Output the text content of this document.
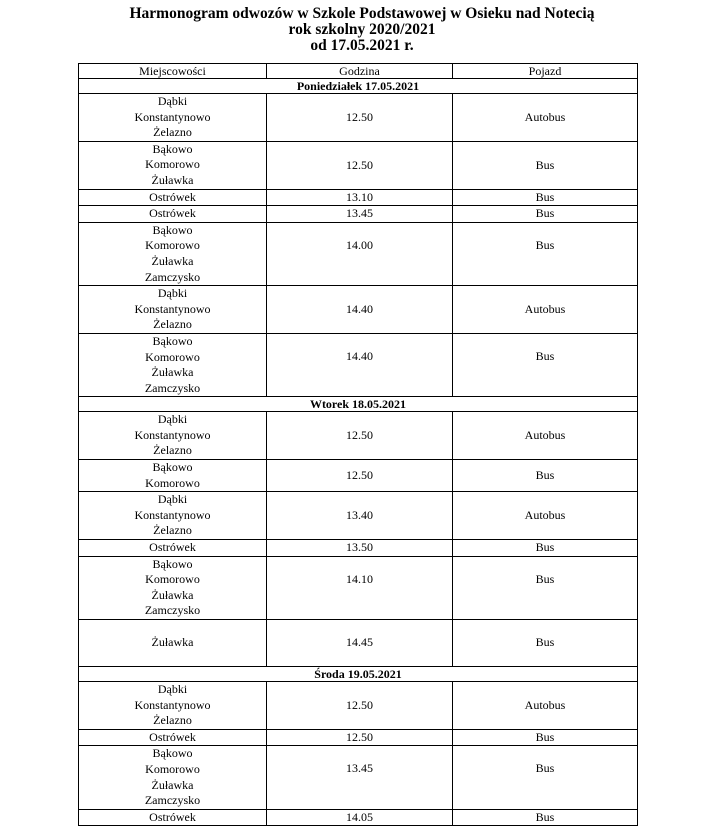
Harmonogram odwozów w Szkole Podstawowej w Osieku nad Notecią
rok szkolny 2020/2021
od 17.05.2021 r.
Miejscowości	Godzina	Pojazd
Poniedziałek 17.05.2021		

Dąbki
Konstantynowo
Żelazno	12.50	Autobus

Bąkowo
Komorowo
Żuławka	12.50	Bus

Ostrówek	13.10	Bus

Ostrówek	13.45	Bus

Bąkowo
Komorowo
Żuławka
Zamczysko	14.00	Bus

Dąbki
Konstantynowo
Żelazno	14.40	Autobus

Bąkowo
Komorowo
Żuławka
Zamczysko	14.40	Bus
Wtorek 18.05.2021		

Dąbki
Konstantynowo
Żelazno	12.50	Autobus

Bąkowo
Komorowo	12.50	Bus

Dąbki
Konstantynowo
Żelazno	13.40	Autobus

Ostrówek	13.50	Bus

Bąkowo
Komorowo
Żuławka
Zamczysko	14.10	Bus

Żuławka	14.45	Bus
Środa 19.05.2021		

Dąbki
Konstantynowo
Żelazno	12.50	Autobus

Ostrówek	12.50	Bus

Bąkowo
Komorowo
Żuławka
Zamczysko	13.45	Bus

Ostrówek	14.05	Bus
